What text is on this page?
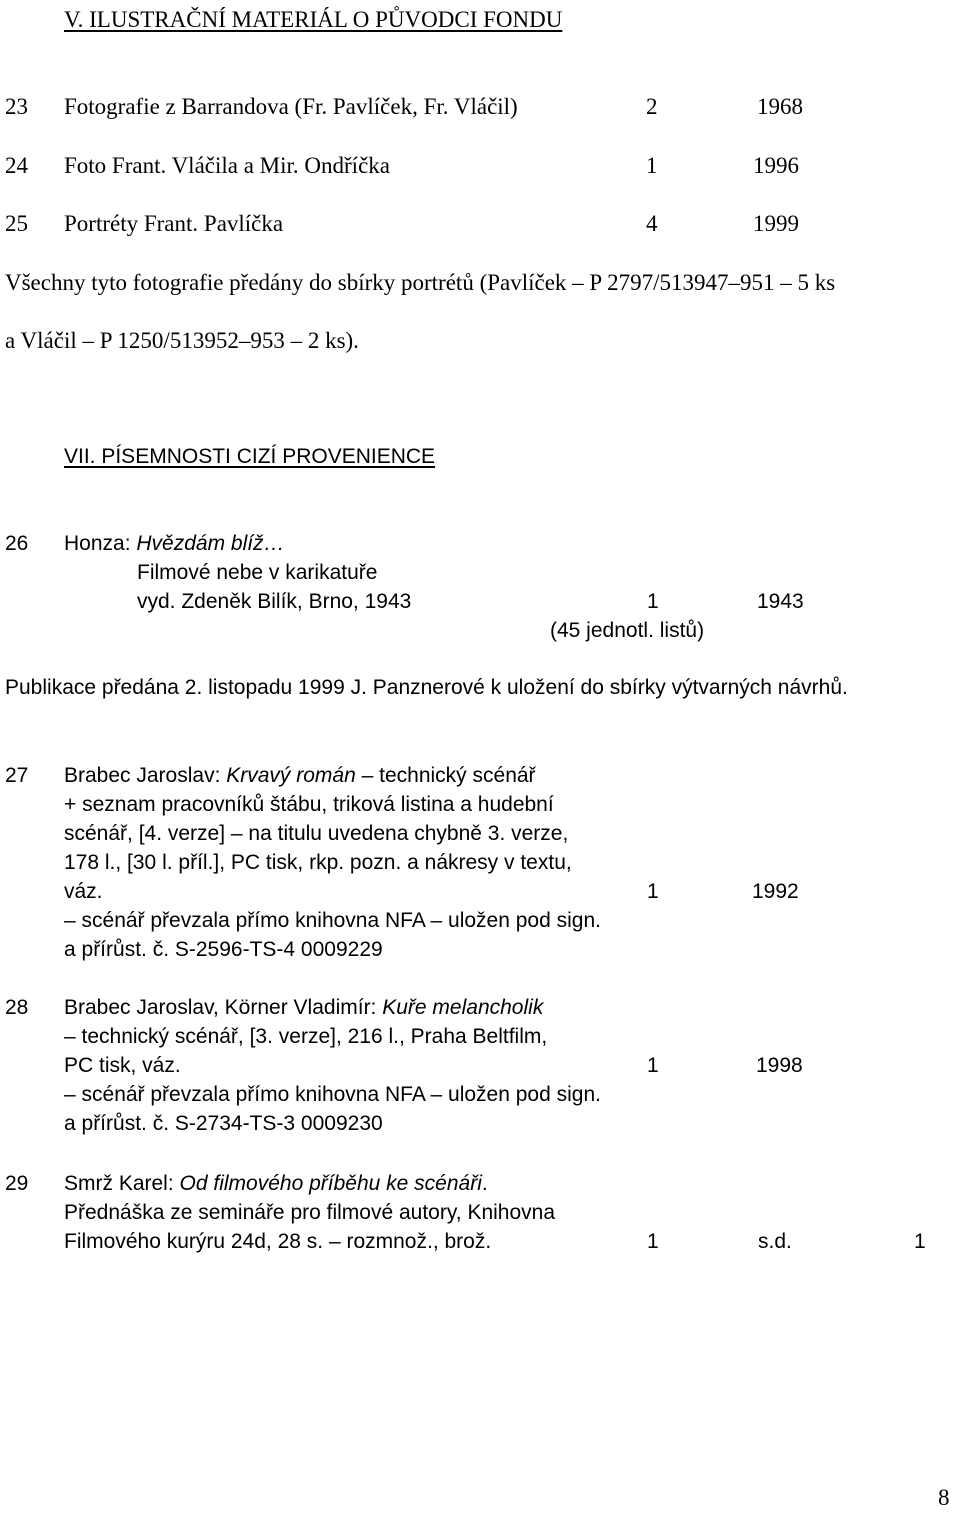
V. ILUSTRAČNÍ MATERIÁL O PŮVODCI FONDU
23 Fotografie z Barrandova (Fr. Pavlíček, Fr. Vláčil)	2	1968
24 Foto Frant. Vláčila a Mir. Ondříčka	1	1996
25 Portréty Frant. Pavlíčka	4	1999
Všechny tyto fotografie předány do sbírky portrétů (Pavlíček – P 2797/513947–951 – 5 ks
a Vláčil – P 1250/513952–953 – 2 ks).
VII. PÍSEMNOSTI CIZÍ PROVENIENCE
26 Honza: Hvězdám blíž…
Filmové nebe v karikatuře
vyd. Zdeněk Bilík, Brno, 1943	1	1943
(45 jednotl. listů)
Publikace předána 2. listopadu 1999 J. Panznerové k uložení do sbírky výtvarných návrhů.
27 Brabec Jaroslav: Krvavý román – technický scénář
+ seznam pracovníků štábu, triková listina a hudební
scénář, [4. verze] – na titulu uvedena chybně 3. verze,
178 l., [30 l. příl.], PC tisk, rkp. pozn. a nákresy v textu,
váz.	1	1992
– scénář převzala přímo knihovna NFA – uložen pod sign.
a přírůst. č. S-2596-TS-4 0009229
28 Brabec Jaroslav, Körner Vladimír: Kuře melancholik
– technický scénář, [3. verze], 216 l., Praha Beltfilm,
PC tisk, váz.	1	1998
– scénář převzala přímo knihovna NFA – uložen pod sign.
a přírůst. č. S-2734-TS-3 0009230
29 Smrž Karel: Od filmového příběhu ke scénáři.
Přednáška ze semináře pro filmové autory, Knihovna
Filmového kurýru 24d, 28 s. – rozmnož., brož.	1	s.d.	1
8
